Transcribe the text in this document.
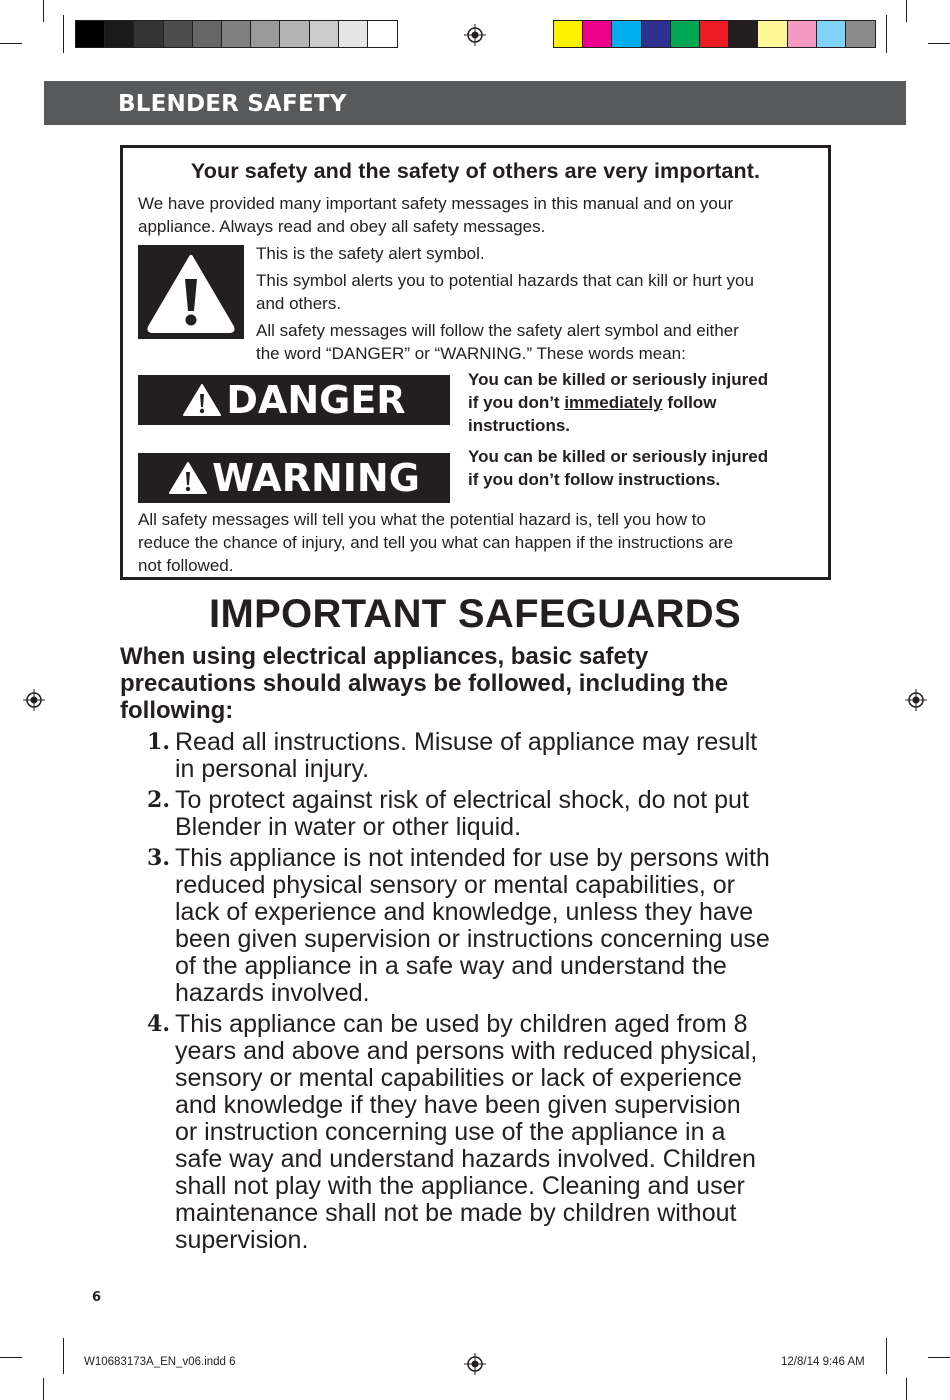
BLENDER SAFETY
Your safety and the safety of others are very important.
We have provided many important safety messages in this manual and on your
appliance. Always read and obey all safety messages.
This is the safety alert symbol.
This symbol alerts you to potential hazards that can kill or hurt you
and others.
All safety messages will follow the safety alert symbol and either
the word “DANGER” or “WARNING.” These words mean:
DANGER	You can be killed or seriously injured
if you don’t immediately follow
instructions.
WARNING	You can be killed or seriously injured
if you don’t follow instructions.
All safety messages will tell you what the potential hazard is, tell you how to
reduce the chance of injury, and tell you what can happen if the instructions are
not followed.
IMPORTANT SAFEGUARDS
When using electrical appliances, basic safety
precautions should always be followed, including the
following:
1. Read all instructions. Misuse of appliance may result
in personal injury.
2. To protect against risk of electrical shock, do not put
Blender in water or other liquid.
3. This appliance is not intended for use by persons with
reduced physical sensory or mental capabilities, or
lack of experience and knowledge, unless they have
been given supervision or instructions concerning use
of the appliance in a safe way and understand the
hazards involved.
4. This appliance can be used by children aged from 8
years and above and persons with reduced physical,
sensory or mental capabilities or lack of experience
and knowledge if they have been given supervision
or instruction concerning use of the appliance in a
safe way and understand hazards involved. Children
shall not play with the appliance. Cleaning and user
maintenance shall not be made by children without
supervision.
6
W10683173A_EN_v06.indd 6	12/8/14 9:46 AM
